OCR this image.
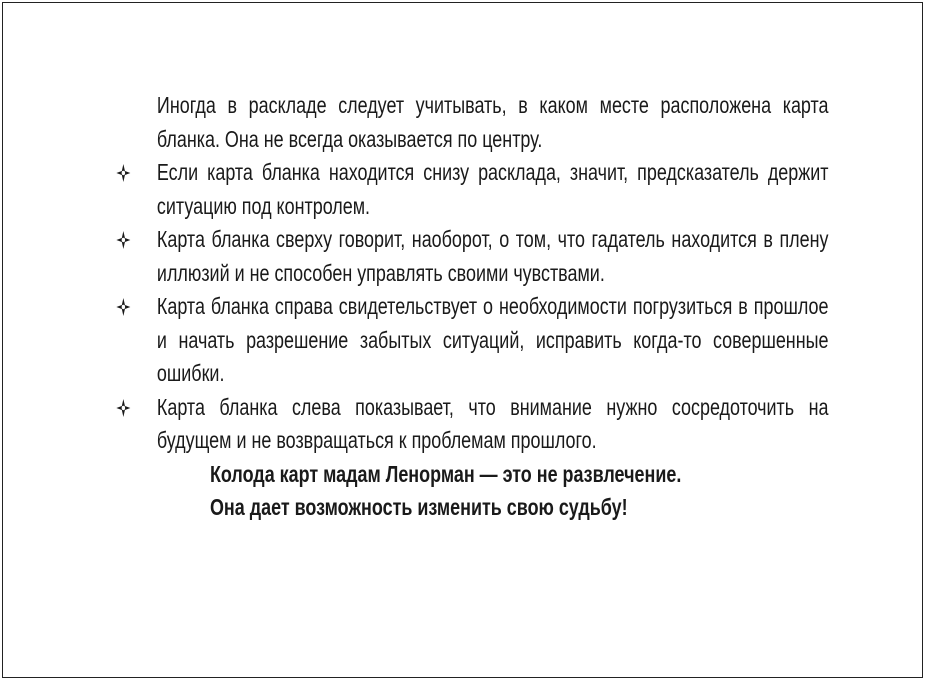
Иногда в раскладе следует учитывать, в каком месте расположена карта бланка. Она не всегда оказывается по центру.

Если карта бланка находится снизу расклада, значит, предсказатель держит ситуацию под контролем.

Карта бланка сверху говорит, наоборот, о том, что гадатель находится в плену иллюзий и не способен управлять своими чувствами.

Карта бланка справа свидетельствует о необходимости погрузиться в прошлое и начать разрешение забытых ситуаций, исправить когда-то совершенные ошибки.

Карта бланка слева показывает, что внимание нужно сосредоточить на будущем и не возвращаться к проблемам прошлого.

Колода карт мадам Ленорман — это не развлечение.
Она дает возможность изменить свою судьбу!
